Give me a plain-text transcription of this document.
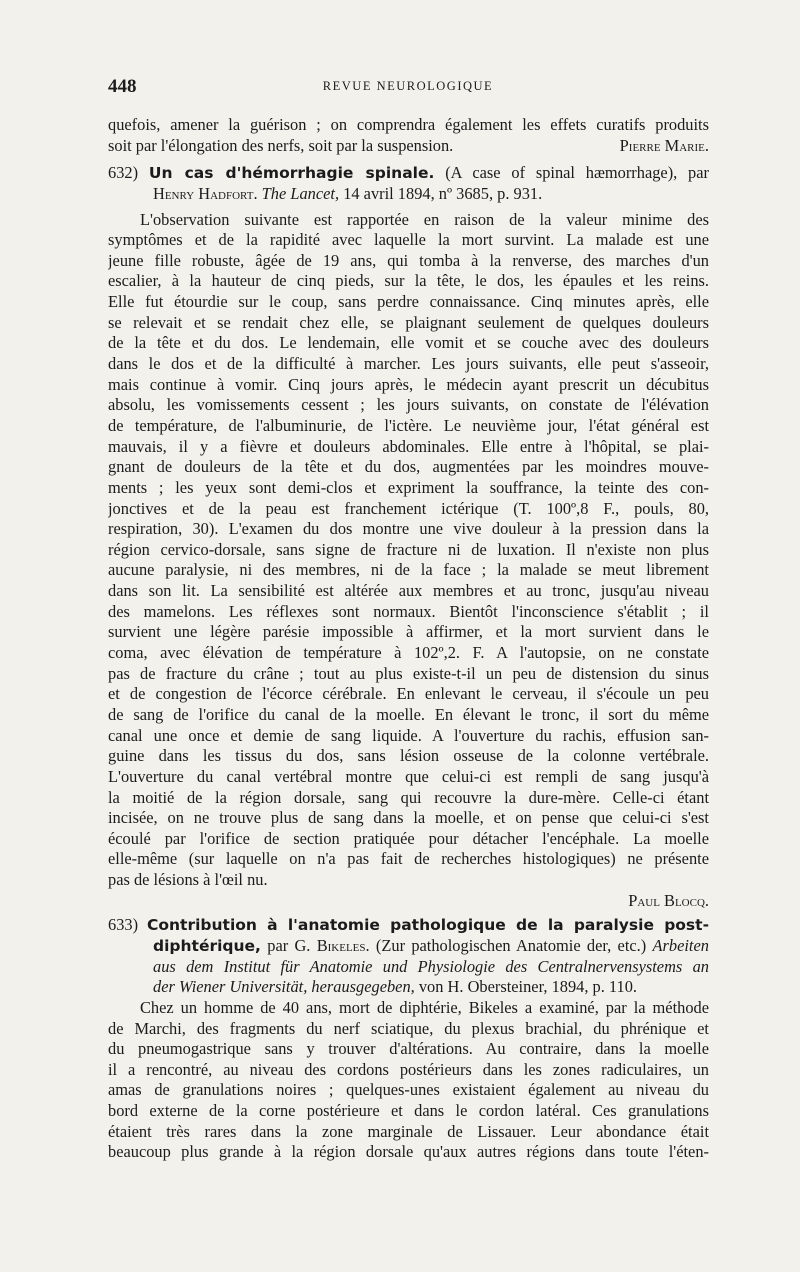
448	REVUE NEUROLOGIQUE
quefois, amener la guérison ; on comprendra également les effets curatifs produits
soit par l'élongation des nerfs, soit par la suspension.	Pierre Marie.
632) Un cas d'hémorrhagie spinale. (A case of spinal hæmorrhage), par
Henry Hadfort. The Lancet, 14 avril 1894, nº 3685, p. 931.
L'observation suivante est rapportée en raison de la valeur minime des
symptômes et de la rapidité avec laquelle la mort survint. La malade est une
jeune fille robuste, âgée de 19 ans, qui tomba à la renverse, des marches d'un
escalier, à la hauteur de cinq pieds, sur la tête, le dos, les épaules et les reins.
Elle fut étourdie sur le coup, sans perdre connaissance. Cinq minutes après, elle
se relevait et se rendait chez elle, se plaignant seulement de quelques douleurs
de la tête et du dos. Le lendemain, elle vomit et se couche avec des douleurs
dans le dos et de la difficulté à marcher. Les jours suivants, elle peut s'asseoir,
mais continue à vomir. Cinq jours après, le médecin ayant prescrit un décubitus
absolu, les vomissements cessent ; les jours suivants, on constate de l'élévation
de température, de l'albuminurie, de l'ictère. Le neuvième jour, l'état général est
mauvais, il y a fièvre et douleurs abdominales. Elle entre à l'hôpital, se plai-
gnant de douleurs de la tête et du dos, augmentées par les moindres mouve-
ments ; les yeux sont demi-clos et expriment la souffrance, la teinte des con-
jonctives et de la peau est franchement ictérique (T. 100º,8 F., pouls, 80,
respiration, 30). L'examen du dos montre une vive douleur à la pression dans la
région cervico-dorsale, sans signe de fracture ni de luxation. Il n'existe non plus
aucune paralysie, ni des membres, ni de la face ; la malade se meut librement
dans son lit. La sensibilité est altérée aux membres et au tronc, jusqu'au niveau
des mamelons. Les réflexes sont normaux. Bientôt l'inconscience s'établit ; il
survient une légère parésie impossible à affirmer, et la mort survient dans le
coma, avec élévation de température à 102º,2. F. A l'autopsie, on ne constate
pas de fracture du crâne ; tout au plus existe-t-il un peu de distension du sinus
et de congestion de l'écorce cérébrale. En enlevant le cerveau, il s'écoule un peu
de sang de l'orifice du canal de la moelle. En élevant le tronc, il sort du même
canal une once et demie de sang liquide. A l'ouverture du rachis, effusion san-
guine dans les tissus du dos, sans lésion osseuse de la colonne vertébrale.
L'ouverture du canal vertébral montre que celui-ci est rempli de sang jusqu'à
la moitié de la région dorsale, sang qui recouvre la dure-mère. Celle-ci étant
incisée, on ne trouve plus de sang dans la moelle, et on pense que celui-ci s'est
écoulé par l'orifice de section pratiquée pour détacher l'encéphale. La moelle
elle-même (sur laquelle on n'a pas fait de recherches histologiques) ne présente
pas de lésions à l'œil nu.
Paul Blocq.
633) Contribution à l'anatomie pathologique de la paralysie post-
diphtérique, par G. Bikeles. (Zur pathologischen Anatomie der, etc.) Arbeiten
aus dem Institut für Anatomie und Physiologie des Centralnervensystems an
der Wiener Universität, herausgegeben, von H. Obersteiner, 1894, p. 110.
Chez un homme de 40 ans, mort de diphtérie, Bikeles a examiné, par la méthode
de Marchi, des fragments du nerf sciatique, du plexus brachial, du phrénique et
du pneumogastrique sans y trouver d'altérations. Au contraire, dans la moelle
il a rencontré, au niveau des cordons postérieurs dans les zones radiculaires, un
amas de granulations noires ; quelques-unes existaient également au niveau du
bord externe de la corne postérieure et dans le cordon latéral. Ces granulations
étaient très rares dans la zone marginale de Lissauer. Leur abondance était
beaucoup plus grande à la région dorsale qu'aux autres régions dans toute l'éten-
